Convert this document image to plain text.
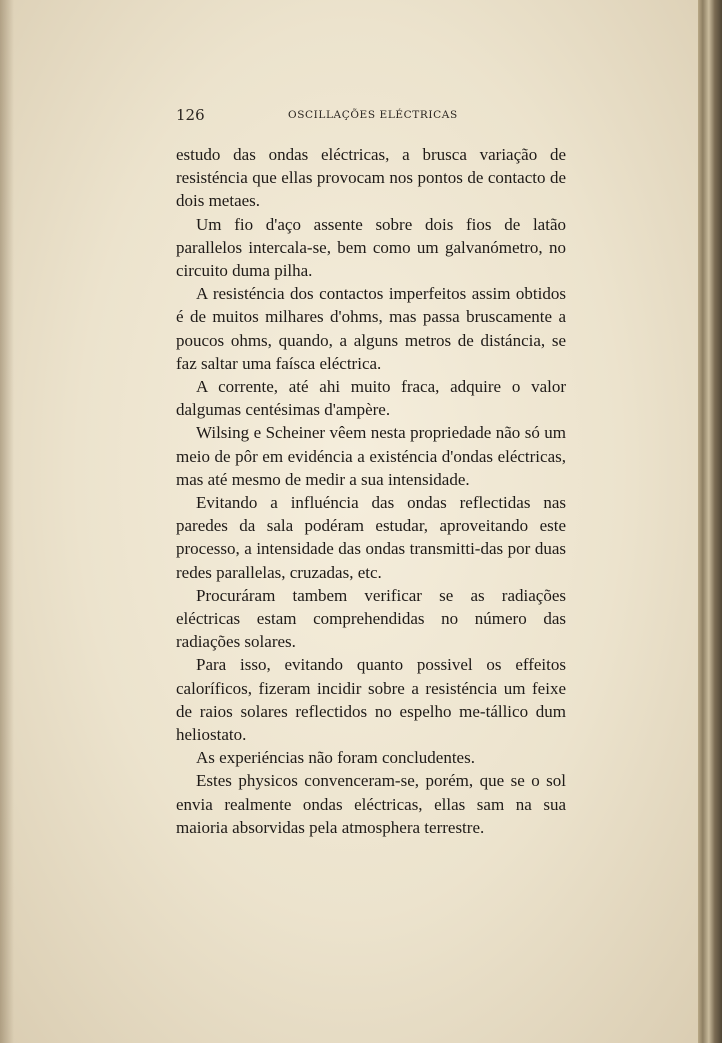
126	OSCILLAÇÕES ELÉCTRICAS

estudo das ondas eléctricas, a brusca variação de resisténcia que ellas provocam nos pontos de contacto de dois metaes.

Um fio d'aço assente sobre dois fios de latão parallelos intercala-se, bem como um galvanómetro, no circuito duma pilha.

A resisténcia dos contactos imperfeitos assim obtidos é de muitos milhares d'ohms, mas passa bruscamente a poucos ohms, quando, a alguns metros de distáncia, se faz saltar uma faísca eléctrica.

A corrente, até ahi muito fraca, adquire o valor dalgumas centésimas d'ampère.

Wilsing e Scheiner vêem nesta propriedade não só um meio de pôr em evidéncia a existéncia d'ondas eléctricas, mas até mesmo de medir a sua intensidade.

Evitando a influéncia das ondas reflectidas nas paredes da sala podéram estudar, aproveitando este processo, a intensidade das ondas transmitti-das por duas redes parallelas, cruzadas, etc.

Procuráram tambem verificar se as radiações eléctricas estam comprehendidas no número das radiações solares.

Para isso, evitando quanto possivel os effeitos caloríficos, fizeram incidir sobre a resisténcia um feixe de raios solares reflectidos no espelho me-tállico dum heliostato.

As experiéncias não foram concludentes.

Estes physicos convenceram-se, porém, que se o sol envia realmente ondas eléctricas, ellas sam na sua maioria absorvidas pela atmosphera terrestre.
